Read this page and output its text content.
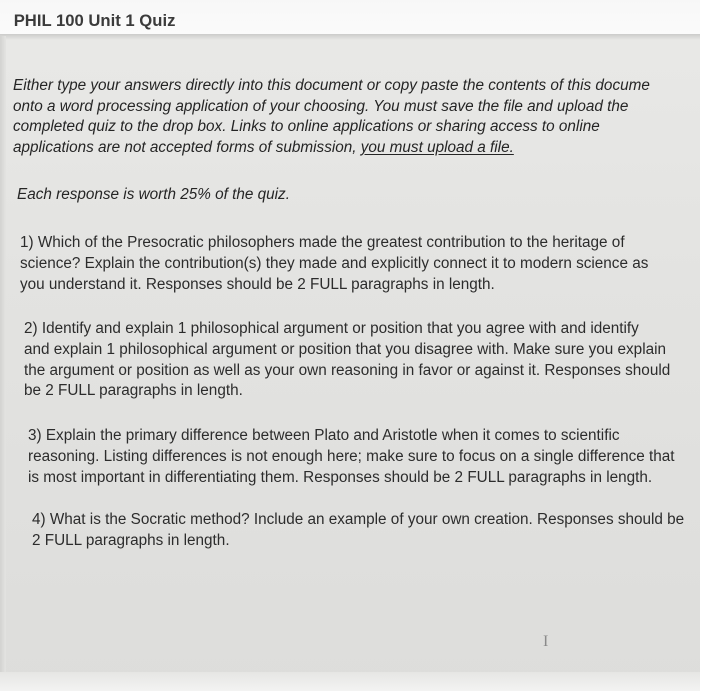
PHIL 100 Unit 1 Quiz
Either type your answers directly into this document or copy paste the contents of this docume
onto a word processing application of your choosing. You must save the file and upload the
completed quiz to the drop box. Links to online applications or sharing access to online
applications are not accepted forms of submission, you must upload a file.
Each response is worth 25% of the quiz.
1) Which of the Presocratic philosophers made the greatest contribution to the heritage of
science? Explain the contribution(s) they made and explicitly connect it to modern science as
you understand it. Responses should be 2 FULL paragraphs in length.
2) Identify and explain 1 philosophical argument or position that you agree with and identify
and explain 1 philosophical argument or position that you disagree with. Make sure you explain
the argument or position as well as your own reasoning in favor or against it. Responses should
be 2 FULL paragraphs in length.
3) Explain the primary difference between Plato and Aristotle when it comes to scientific
reasoning. Listing differences is not enough here; make sure to focus on a single difference that
is most important in differentiating them. Responses should be 2 FULL paragraphs in length.
4) What is the Socratic method? Include an example of your own creation. Responses should be
2 FULL paragraphs in length.
I
